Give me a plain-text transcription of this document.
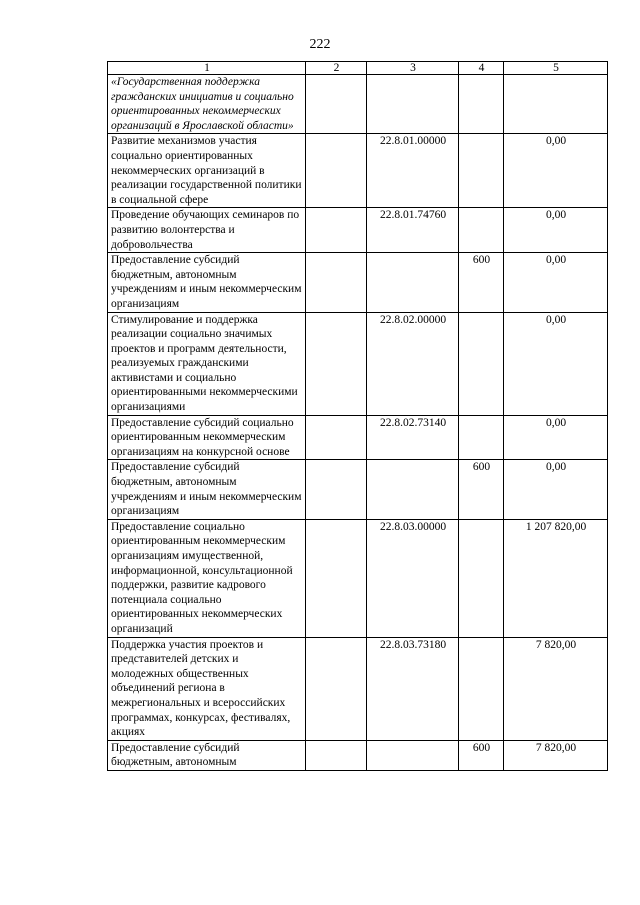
222
1	2	3	4	5
«Государственная поддержка гражданских инициатив и социально ориентированных некоммерческих организаций в Ярославской области»				
Развитие механизмов участия социально ориентированных некоммерческих организаций в реализации государственной политики в социальной сфере		22.8.01.00000		0,00
Проведение обучающих семинаров по развитию волонтерства и добровольчества		22.8.01.74760		0,00
Предоставление субсидий бюджетным, автономным учреждениям и иным некоммерческим организациям			600	0,00
Стимулирование и поддержка реализации социально значимых проектов и программ деятельности, реализуемых гражданскими активистами и социально ориентированными некоммерческими организациями		22.8.02.00000		0,00
Предоставление субсидий социально ориентированным некоммерческим организациям на конкурсной основе		22.8.02.73140		0,00
Предоставление субсидий бюджетным, автономным учреждениям и иным некоммерческим организациям			600	0,00
Предоставление социально ориентированным некоммерческим организациям имущественной, информационной, консультационной поддержки, развитие кадрового потенциала социально ориентированных некоммерческих организаций		22.8.03.00000		1 207 820,00
Поддержка участия проектов и представителей детских и молодежных общественных объединений региона в межрегиональных и всероссийских программах, конкурсах, фестивалях, акциях		22.8.03.73180		7 820,00
Предоставление субсидий бюджетным, автономным			600	7 820,00
